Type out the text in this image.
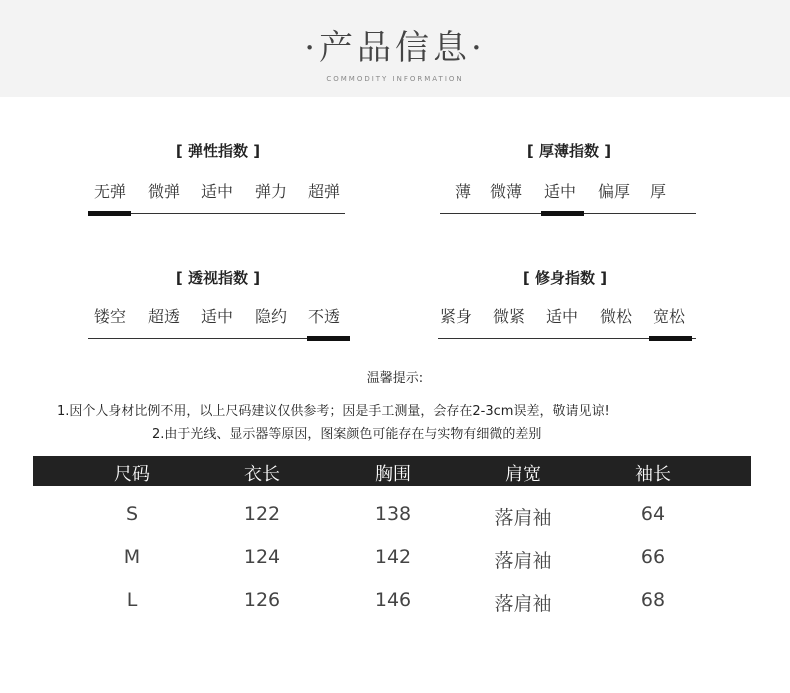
·产品信息·
COMMODITY INFORMATION
[ 弹性指数 ]
无弹 微弹 适中 弹力 超弹
[ 厚薄指数 ]
薄 微薄 适中 偏厚 厚
[ 透视指数 ]
镂空 超透 适中 隐约 不透
[ 修身指数 ]
紧身 微紧 适中 微松 宽松
温馨提示:
1.因个人身材比例不用，以上尺码建议仅供参考；因是手工测量，会存在2-3cm误差，敬请见谅!
2.由于光线、显示器等原因，图案颜色可能存在与实物有细微的差别
尺码	衣长	胸围	肩宽	袖长
S	122	138	落肩袖	64
M	124	142	落肩袖	66
L	126	146	落肩袖	68
